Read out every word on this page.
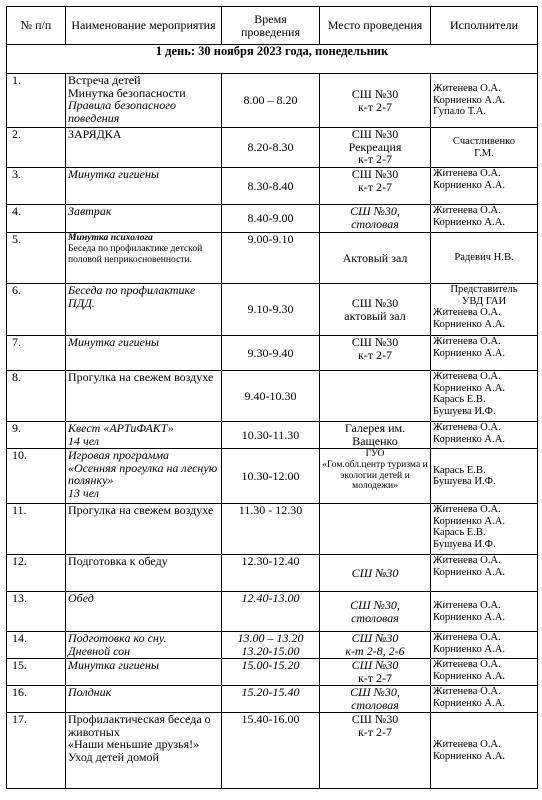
№ п/п	Наименование мероприятия	Время проведения	Место проведения	Исполнители
1 день: 30 ноября 2023 года, понедельник				
1.	Встреча детей
Минутка безопасности
Правила безопасного поведения	8.00 – 8.20	СШ №30
к-т 2-7	Житенева О.А.
Корниенко А.А.
Гупало Т.А.

2.	ЗАРЯДКА	8.20-8.30	СШ №30
Рекреация
к-т 2-7	Счастливенко
Г.М.

3.	Минутка гигиены	8.30-8.40	СШ №30
к-т 2-7	Житенева О.А.
Корниенко А.А.

4.	Завтрак	8.40-9.00	СШ №30,
столовая	Житенева О.А.
Корниенко А.А.

5.	Минутка психолога
Беседа по профилактике детской половой неприкосновенности.	9.00-9.10	Актовый зал	Радевич Н.В.

6.	Беседа по профилактике ПДД.	9.10-9.30	СШ №30
актовый зал	Представитель
УВД ГАИ
Житенева О.А.
Корниенко А.А.

7.	Минутка гигиены	9.30-9.40	СШ №30
к-т 2-7	Житенева О.А.
Корниенко А.А.

8.	Прогулка на свежем воздухе	9.40-10.30		Житенева О.А.
Корниенко А.А.
Карась Е.В.
Бушуева И.Ф.

9.	Квест «АРТиФАКТ»
14 чел	10.30-11.30	Галерея им.
Ващенко	Житенева О.А.
Корниенко А.А.

10.	Игровая программа
«Осенняя прогулка на лесную полянку»
13 чел	10.30-12.00	ГУО
«Гом.обл.центр туризма и экологии детей и молодежи»	Карась Е.В.
Бушуева И.Ф.

11.	Прогулка на свежем воздухе	11.30 - 12.30		Житенева О.А.
Корниенко А.А.
Карась Е.В.
Бушуева И.Ф.

12.	Подготовка к обеду	12.30-12.40	СШ №30	Житенева О.А.
Корниенко А.А.

13.	Обед	12.40-13.00	СШ №30,
столовая	Житенева О.А.
Корниенко А.А.

14.	Подготовка ко сну.
Дневной сон	13.00 – 13.20
13.20-15.00	СШ №30
к-т 2-8, 2-6	Житенева О.А.
Корниенко А.А.

15.	Минутка гигиены	15.00-15.20	СШ №30
к-т 2-7	Житенева О.А.
Корниенко А.А.

16.	Полдник	15.20-15.40	СШ №30,
столовая	Житенева О.А.
Корниенко А.А.

17.	Профилактическая беседа о животных
«Наши меньшие друзья!»
Уход детей домой	15.40-16.00	СШ №30
к-т 2-7	Житенева О.А.
Корниенко А.А.
